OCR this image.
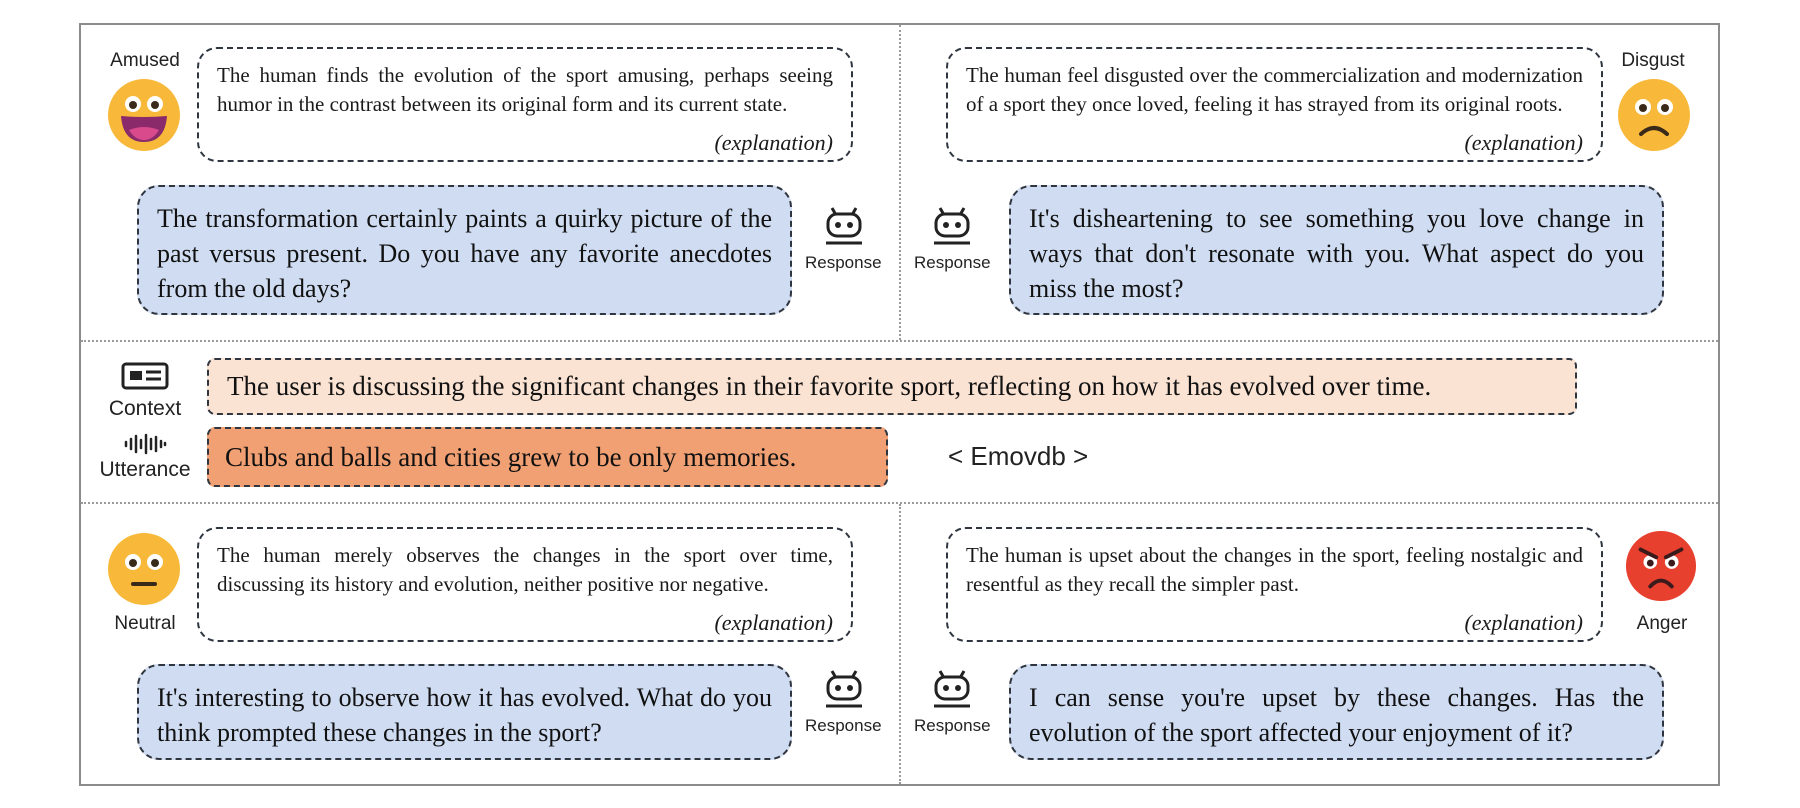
Amused
The human finds the evolution of the sport amusing, perhaps seeing humor in the contrast between its original form and its current state.
(explanation)
The transformation certainly paints a quirky picture of the past versus present. Do you have any favorite anecdotes from the old days?
Response
The human feel disgusted over the commercialization and modernization of a sport they once loved, feeling it has strayed from its original roots.
(explanation)
Disgust
Response
It's disheartening to see something you love change in ways that don't resonate with you. What aspect do you miss the most?
Context
The user is discussing the significant changes in their favorite sport, reflecting on how it has evolved over time.
Utterance	Clubs and balls and cities grew to be only memories.	< Emovdb >
Neutral
The human merely observes the changes in the sport over time, discussing its history and evolution, neither positive nor negative.
(explanation)
It's interesting to observe how it has evolved. What do you think prompted these changes in the sport?	Response
The human is upset about the changes in the sport, feeling nostalgic and resentful as they recall the simpler past.
(explanation)	Anger
Response
I can sense you're upset by these changes. Has the evolution of the sport affected your enjoyment of it?
